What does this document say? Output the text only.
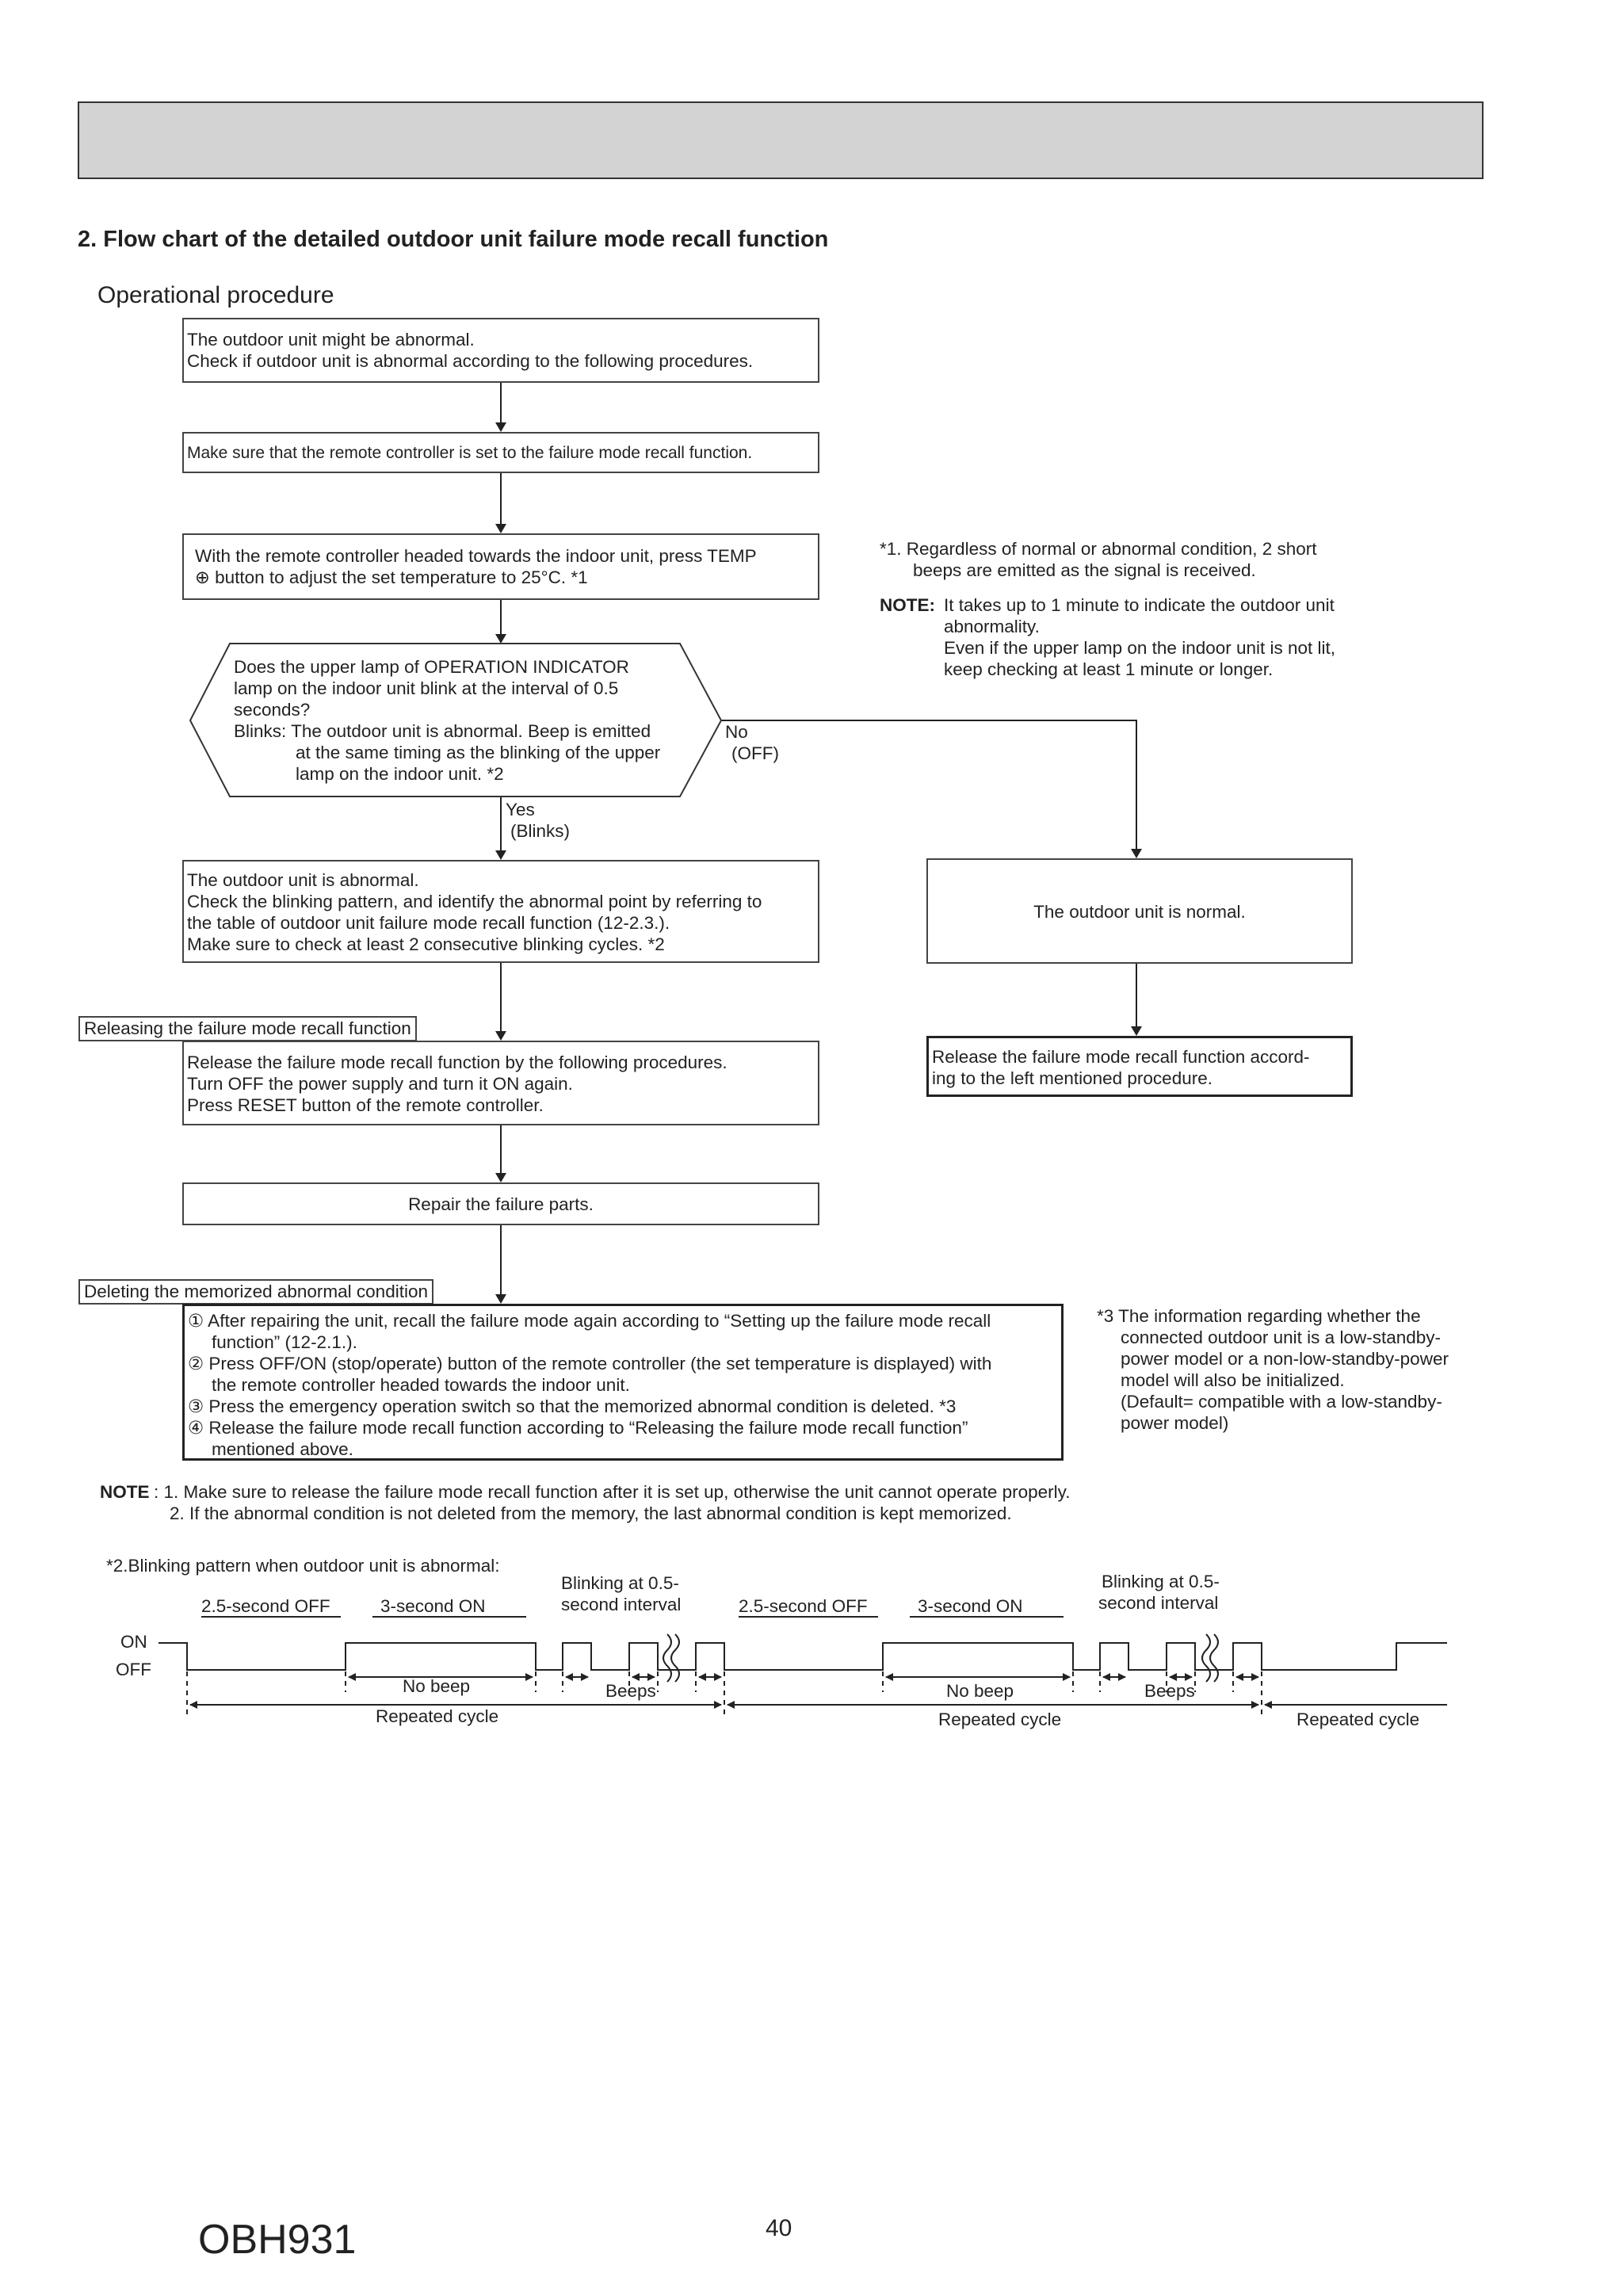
2. Flow chart of the detailed outdoor unit failure mode recall function
Operational procedure
The outdoor unit might be abnormal.
Check if outdoor unit is abnormal according to the following procedures.
Make sure that the remote controller is set to the failure mode recall function.
With the remote controller headed towards the indoor unit, press TEMP
⊕ button to adjust the set temperature to 25°C. *1
Does the upper lamp of OPERATION INDICATOR
lamp on the indoor unit blink at the interval of 0.5
seconds?
Blinks: The outdoor unit is abnormal. Beep is emitted
at the same timing as the blinking of the upper
lamp on the indoor unit. *2
No
(OFF)
Yes
(Blinks)
The outdoor unit is abnormal.
Check the blinking pattern, and identify the abnormal point by referring to
the table of outdoor unit failure mode recall function (12-2.3.).
Make sure to check at least 2 consecutive blinking cycles. *2
The outdoor unit is normal.
Releasing the failure mode recall function
Release the failure mode recall function by the following procedures.
Turn OFF the power supply and turn it ON again.
Press RESET button of the remote controller.
Release the failure mode recall function accord-
ing to the left mentioned procedure.
Repair the failure parts.
Deleting the memorized abnormal condition
① After repairing the unit, recall the failure mode again according to “Setting up the failure mode recall
function” (12-2.1.).
② Press OFF/ON (stop/operate) button of the remote controller (the set temperature is displayed) with
the remote controller headed towards the indoor unit.
③ Press the emergency operation switch so that the memorized abnormal condition is deleted. *3
④ Release the failure mode recall function according to “Releasing the failure mode recall function”
mentioned above.
*1. Regardless of normal or abnormal condition, 2 short
beeps are emitted as the signal is received.
NOTE: It takes up to 1 minute to indicate the outdoor unit
abnormality.
Even if the upper lamp on the indoor unit is not lit,
keep checking at least 1 minute or longer.
*3 The information regarding whether the
connected outdoor unit is a low-standby-
power model or a non-low-standby-power
model will also be initialized.
(Default= compatible with a low-standby-
power model)
NOTE : 1. Make sure to release the failure mode recall function after it is set up, otherwise the unit cannot operate properly.
2. If the abnormal condition is not deleted from the memory, the last abnormal condition is kept memorized.
*2.Blinking pattern when outdoor unit is abnormal:
ON
OFF
2.5-second OFF	3-second ON
Blinking at 0.5-
second interval	2.5-second OFF	3-second ON
Blinking at 0.5-
second interval
No beep	Beeps	No beep	Beeps
Repeated cycle	Repeated cycle	Repeated cycle
OBH931	40
